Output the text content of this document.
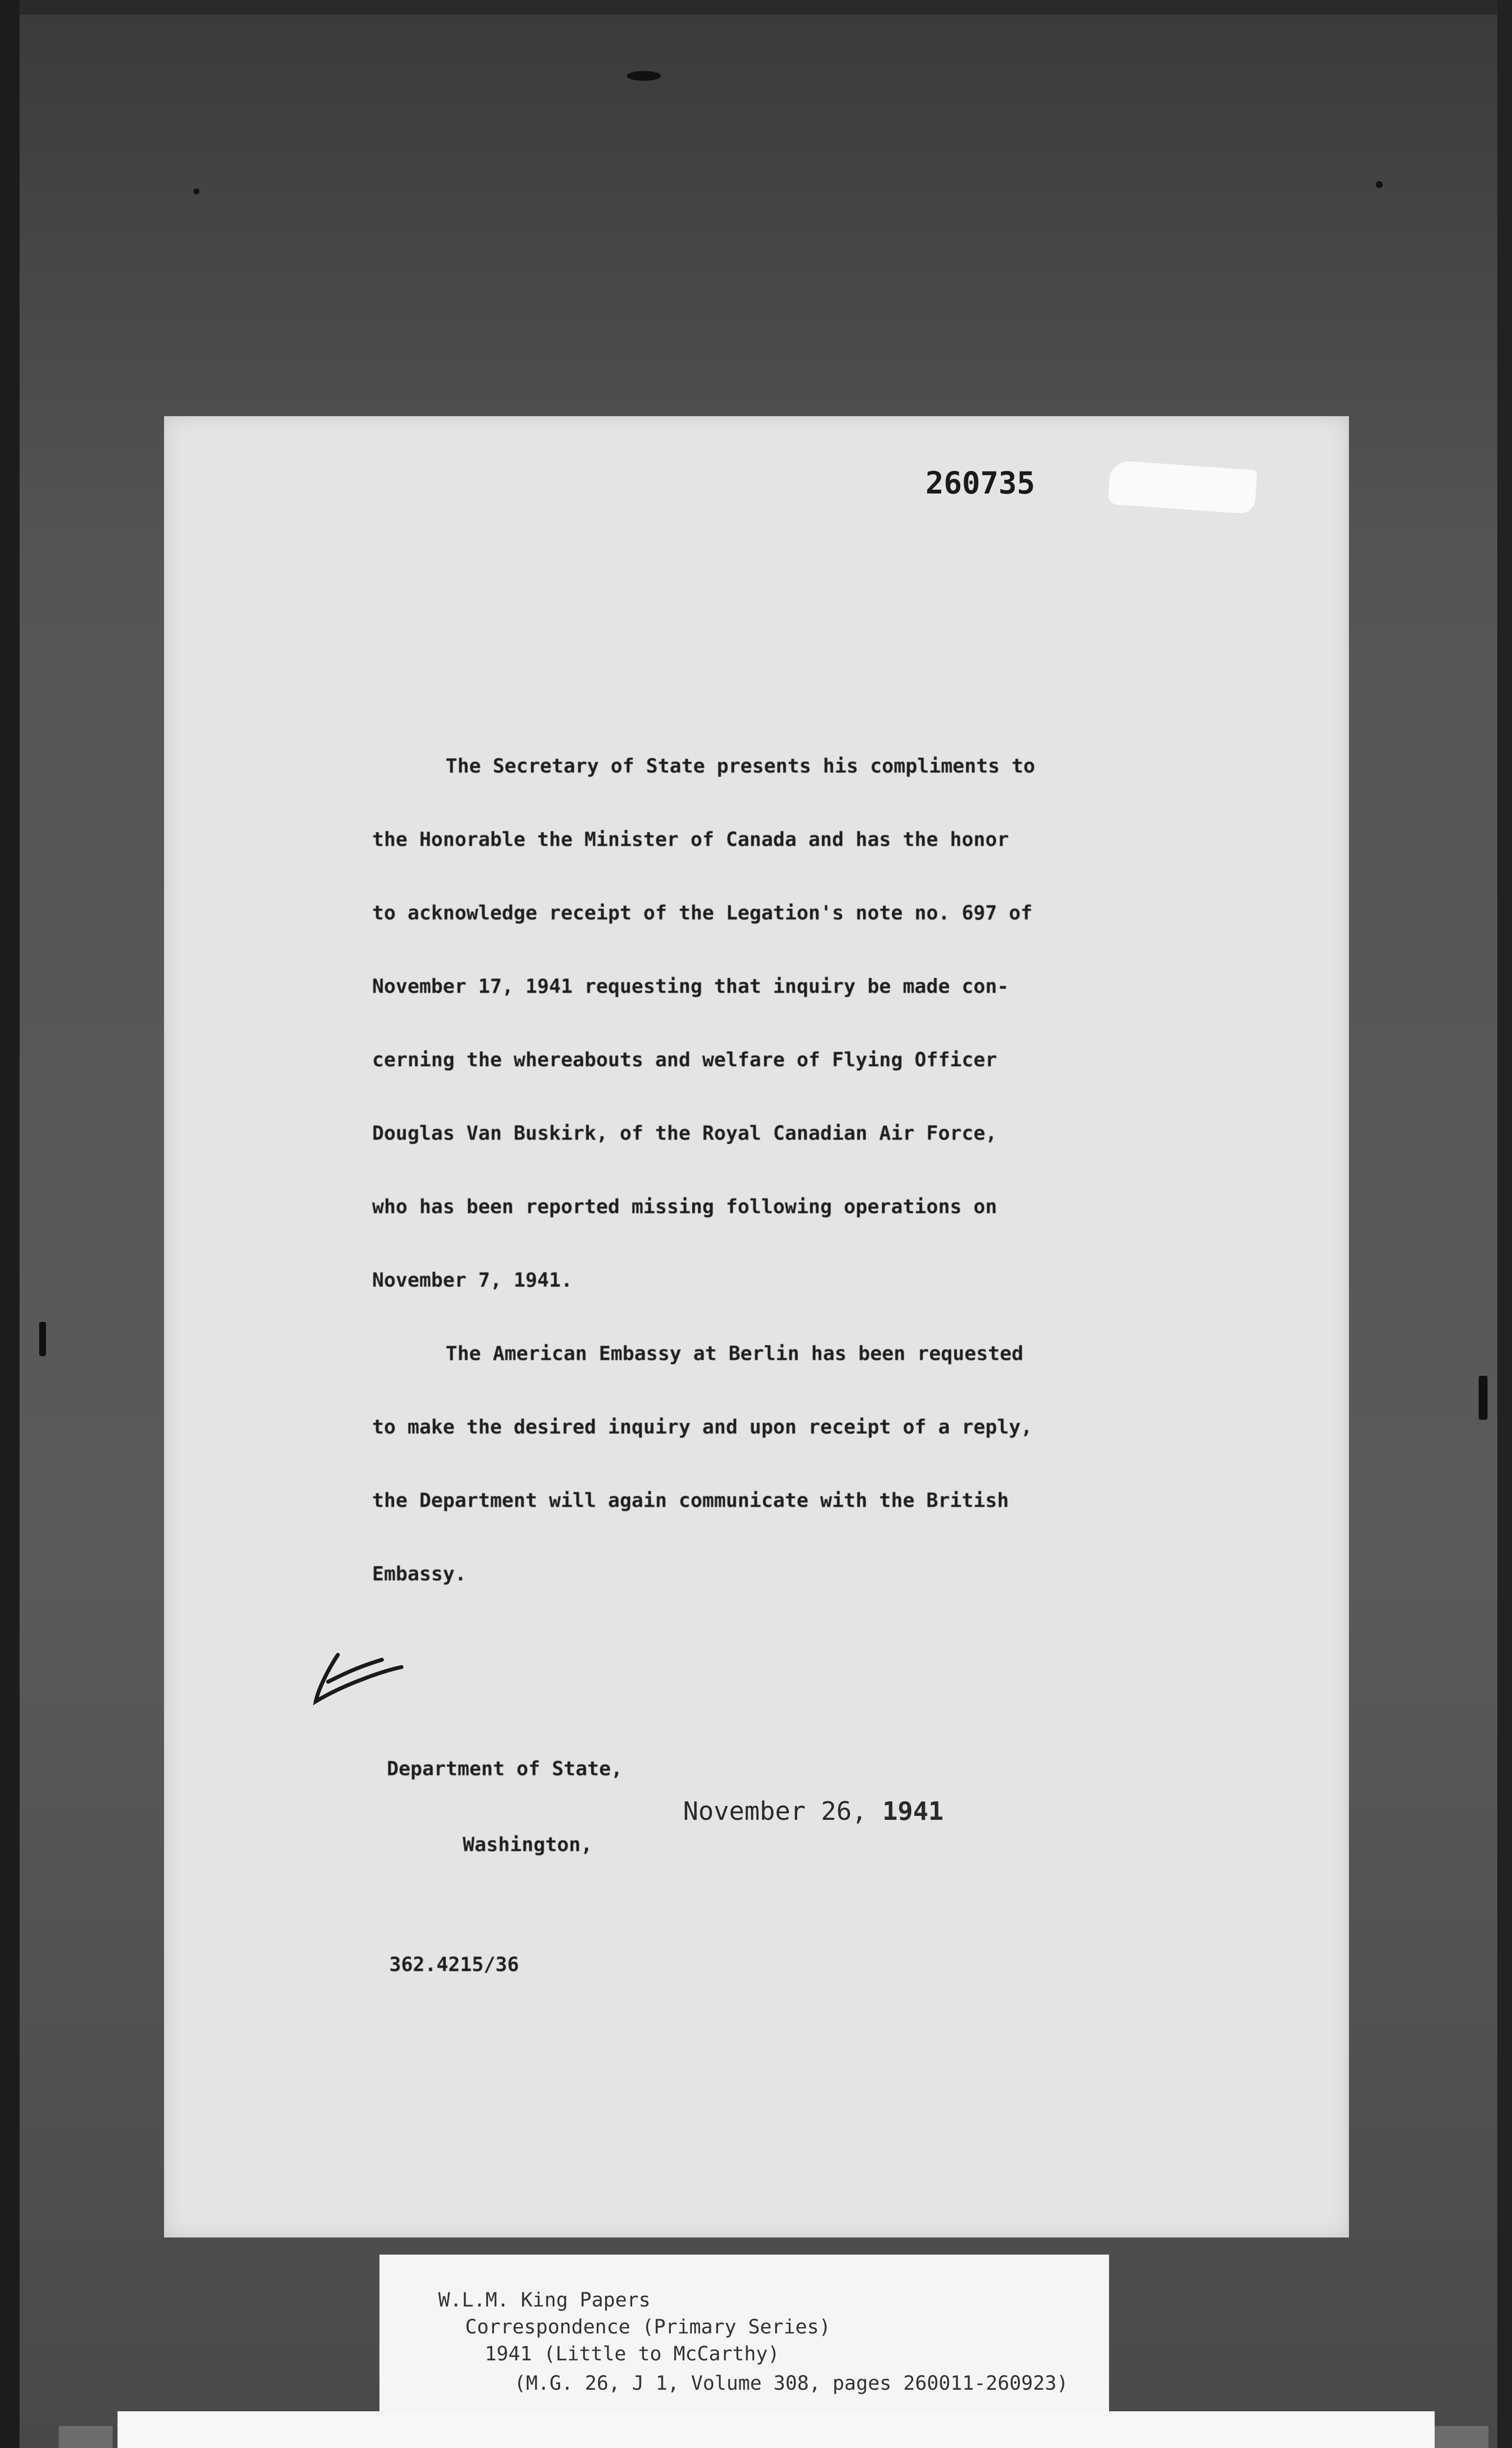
260735
The Secretary of State presents his compliments to
the Honorable the Minister of Canada and has the honor
to acknowledge receipt of the Legation's note no. 697 of
November 17, 1941 requesting that inquiry be made con-
cerning the whereabouts and welfare of Flying Officer
Douglas Van Buskirk, of the Royal Canadian Air Force,
who has been reported missing following operations on
November 7, 1941.
The American Embassy at Berlin has been requested
to make the desired inquiry and upon receipt of a reply,
the Department will again communicate with the British
Embassy.
Department of State,
November 26, 1941
Washington,
362.4215/36
W.L.M. King Papers
Correspondence (Primary Series)
1941 (Little to McCarthy)
(M.G. 26, J 1, Volume 308, pages 260011-260923)
